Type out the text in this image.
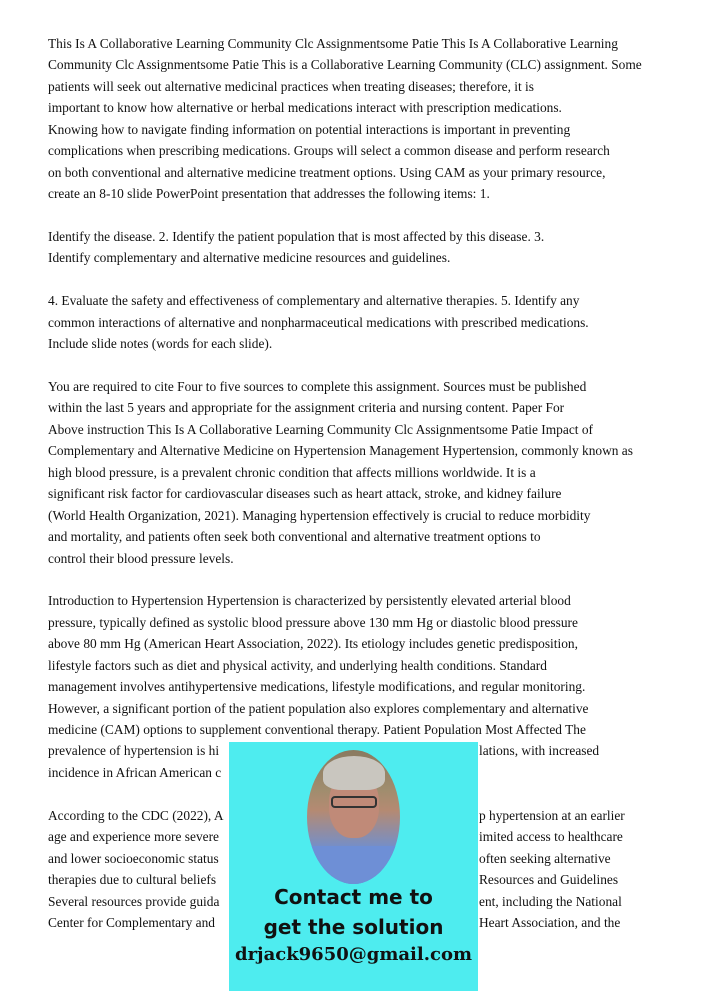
This Is A Collaborative Learning Community Clc Assignmentsome Patie This Is A Collaborative Learning
Community Clc Assignmentsome Patie This is a Collaborative Learning Community (CLC) assignment. Some
patients will seek out alternative medicinal practices when treating diseases; therefore, it is
important to know how alternative or herbal medications interact with prescription medications.
Knowing how to navigate finding information on potential interactions is important in preventing
complications when prescribing medications. Groups will select a common disease and perform research
on both conventional and alternative medicine treatment options. Using CAM as your primary resource,
create an 8-10 slide PowerPoint presentation that addresses the following items: 1.
Identify the disease. 2. Identify the patient population that is most affected by this disease. 3.
Identify complementary and alternative medicine resources and guidelines.
4. Evaluate the safety and effectiveness of complementary and alternative therapies. 5. Identify any
common interactions of alternative and nonpharmaceutical medications with prescribed medications.
Include slide notes (words for each slide).
You are required to cite Four to five sources to complete this assignment. Sources must be published
within the last 5 years and appropriate for the assignment criteria and nursing content. Paper For
Above instruction This Is A Collaborative Learning Community Clc Assignmentsome Patie Impact of
Complementary and Alternative Medicine on Hypertension Management Hypertension, commonly known as
high blood pressure, is a prevalent chronic condition that affects millions worldwide. It is a
significant risk factor for cardiovascular diseases such as heart attack, stroke, and kidney failure
(World Health Organization, 2021). Managing hypertension effectively is crucial to reduce morbidity
and mortality, and patients often seek both conventional and alternative treatment options to
control their blood pressure levels.
Introduction to Hypertension Hypertension is characterized by persistently elevated arterial blood
pressure, typically defined as systolic blood pressure above 130 mm Hg or diastolic blood pressure
above 80 mm Hg (American Heart Association, 2022). Its etiology includes genetic predisposition,
lifestyle factors such as diet and physical activity, and underlying health conditions. Standard
management involves antihypertensive medications, lifestyle modifications, and regular monitoring.
However, a significant portion of the patient population also explores complementary and alternative
medicine (CAM) options to supplement conventional therapy. Patient Population Most Affected The
prevalence of hypertension is hi	lations, with increased
incidence in African American c
According to the CDC (2022), A	p hypertension at an earlier
age and experience more severe	imited access to healthcare
and lower socioeconomic status	often seeking alternative
therapies due to cultural beliefs	Resources and Guidelines
Several resources provide guida	ent, including the National
Center for Complementary and	Heart Association, and the
Contact me to
get the solution
drjack9650@gmail.com
